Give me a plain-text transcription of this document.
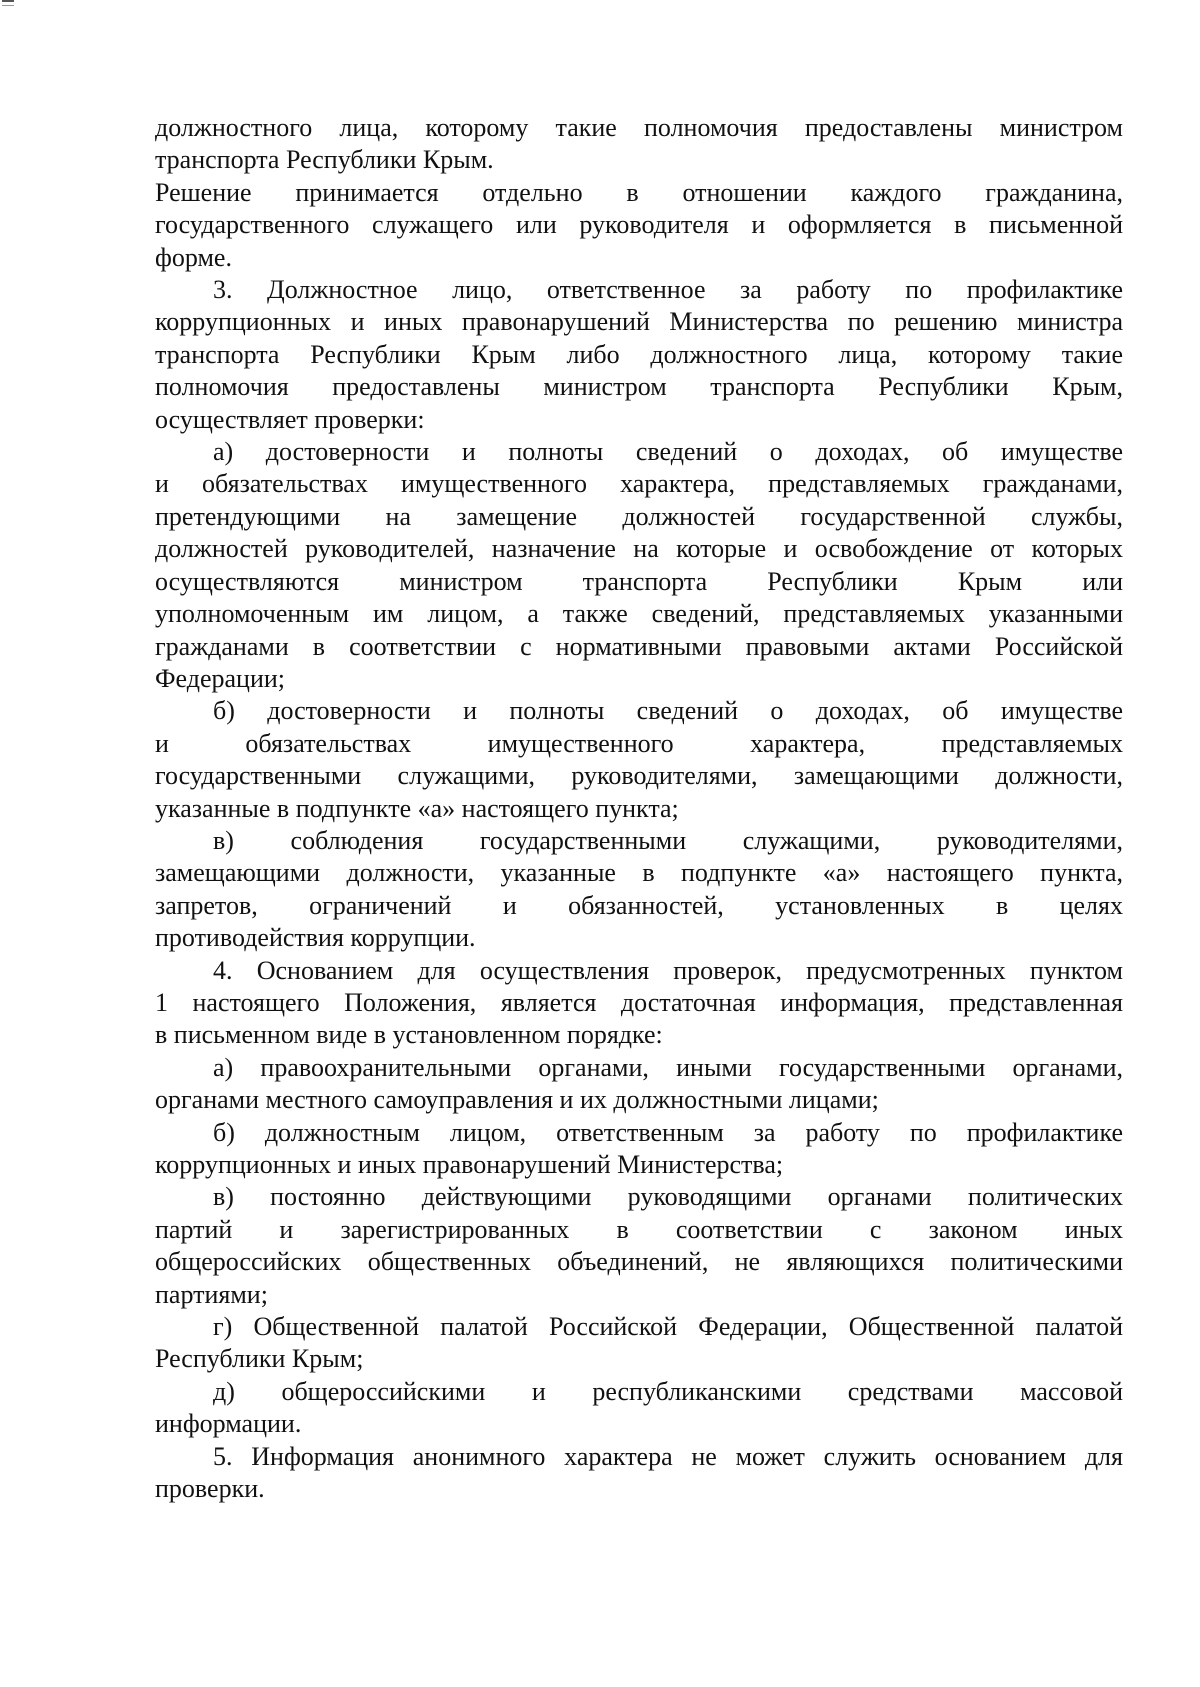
должностного лица, которому такие полномочия предоставлены министром
транспорта Республики Крым.
Решение принимается отдельно в отношении каждого гражданина,
государственного служащего или руководителя и оформляется в письменной
форме.
3. Должностное лицо, ответственное за работу по профилактике
коррупционных и иных правонарушений Министерства по решению министра
транспорта Республики Крым либо должностного лица, которому такие
полномочия предоставлены министром транспорта Республики Крым,
осуществляет проверки:
а) достоверности и полноты сведений о доходах, об имуществе
и обязательствах имущественного характера, представляемых гражданами,
претендующими на замещение должностей государственной службы,
должностей руководителей, назначение на которые и освобождение от которых
осуществляются министром транспорта Республики Крым или
уполномоченным им лицом, а также сведений, представляемых указанными
гражданами в соответствии с нормативными правовыми актами Российской
Федерации;
б) достоверности и полноты сведений о доходах, об имуществе
и обязательствах имущественного характера, представляемых
государственными служащими, руководителями, замещающими должности,
указанные в подпункте «а» настоящего пункта;
в) соблюдения государственными служащими, руководителями,
замещающими должности, указанные в подпункте «а» настоящего пункта,
запретов, ограничений и обязанностей, установленных в целях
противодействия коррупции.
4. Основанием для осуществления проверок, предусмотренных пунктом
1 настоящего Положения, является достаточная информация, представленная
в письменном виде в установленном порядке:
а) правоохранительными органами, иными государственными органами,
органами местного самоуправления и их должностными лицами;
б) должностным лицом, ответственным за работу по профилактике
коррупционных и иных правонарушений Министерства;
в) постоянно действующими руководящими органами политических
партий и зарегистрированных в соответствии с законом иных
общероссийских общественных объединений, не являющихся политическими
партиями;
г) Общественной палатой Российской Федерации, Общественной палатой
Республики Крым;
д) общероссийскими и республиканскими средствами массовой
информации.
5. Информация анонимного характера не может служить основанием для
проверки.
